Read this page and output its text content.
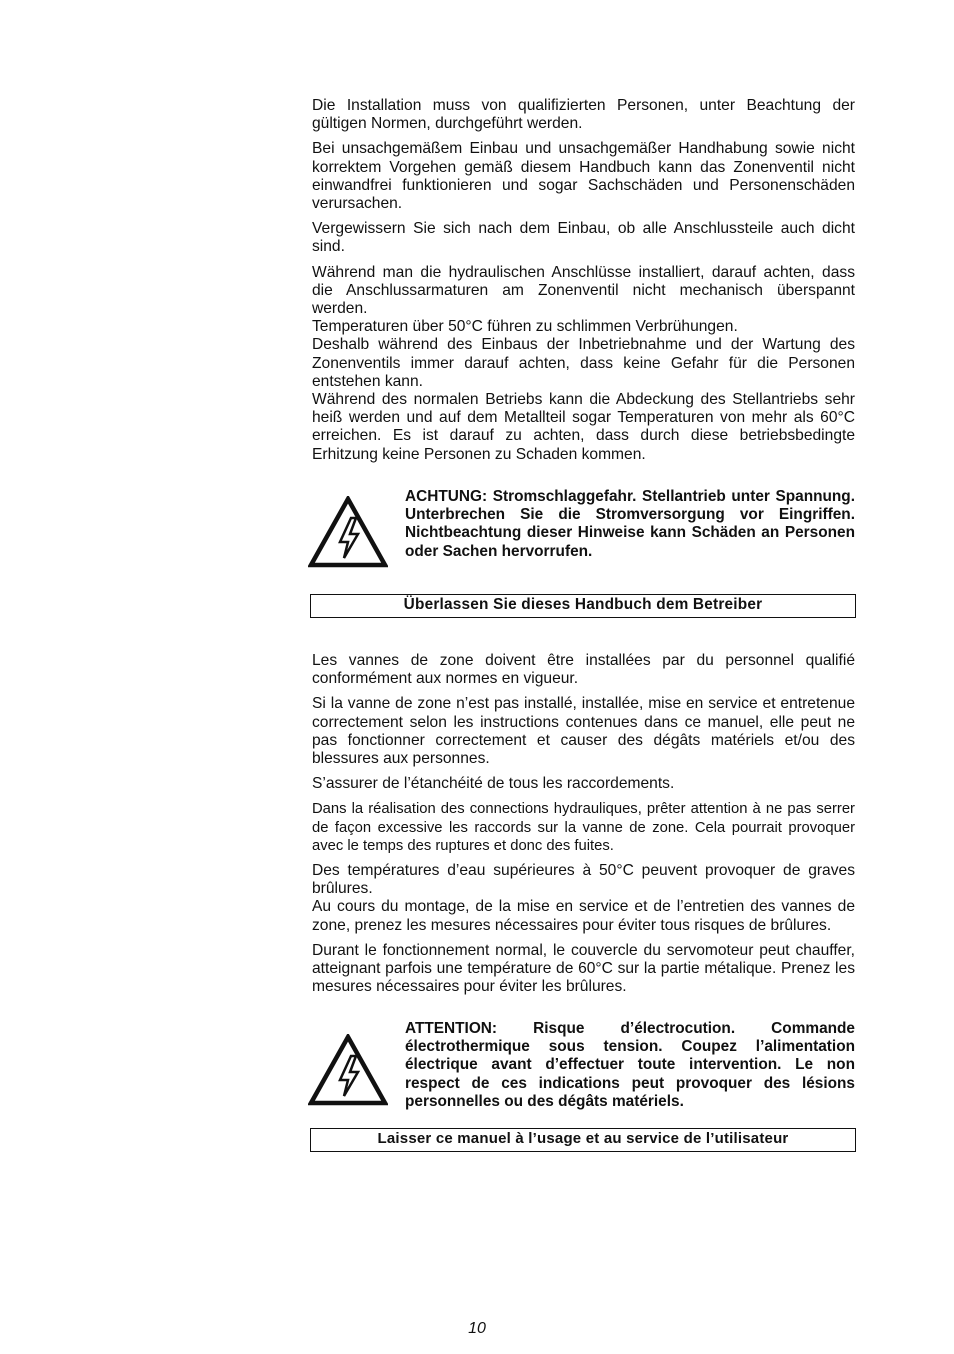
Die Installation muss von qualifizierten Personen, unter Beachtung der gültigen Normen, durchgeführt werden.

Bei unsachgemäßem Einbau und unsachgemäßer Handhabung sowie nicht korrektem Vorgehen gemäß diesem Handbuch kann das Zonenventil nicht einwandfrei funktionieren und sogar Sachschäden und Personenschäden verursachen.

Vergewissern Sie sich nach dem Einbau, ob alle Anschlussteile auch dicht sind.

Während man die hydraulischen Anschlüsse installiert, darauf achten, dass die Anschlussarmaturen am Zonenventil nicht mechanisch überspannt werden.

Temperaturen über 50°C führen zu schlimmen Verbrühungen.

Deshalb während des Einbaus der Inbetriebnahme und der Wartung des Zonenventils immer darauf achten, dass keine Gefahr für die Personen entstehen kann.

Während des normalen Betriebs kann die Abdeckung des Stellantriebs sehr heiß werden und auf dem Metallteil sogar Temperaturen von mehr als 60°C erreichen. Es ist darauf zu achten, dass durch diese betriebsbedingte Erhitzung keine Personen zu Schaden kommen.

ACHTUNG: Stromschlaggefahr. Stellantrieb unter Spannung. Unterbrechen Sie die Stromversorgung vor Eingriffen. Nichtbeachtung dieser Hinweise kann Schäden an Personen oder Sachen hervorrufen.
Überlassen Sie dieses Handbuch dem Betreiber

Les vannes de zone doivent être installées par du personnel qualifié conformément aux normes en vigueur.

Si la vanne de zone n’est pas installé, installée, mise en service et entretenue correctement selon les instructions contenues dans ce manuel, elle peut ne pas fonctionner correctement et causer des dégâts matériels et/ou des blessures aux personnes.

S’assurer de l’étanchéité de tous les raccordements.

Dans la réalisation des connections hydrauliques, prêter attention à ne pas serrer de façon excessive les raccords sur la vanne de zone. Cela pourrait provoquer avec le temps des ruptures et donc des fuites.

Des températures d’eau supérieures à 50°C peuvent provoquer de graves brûlures.

Au cours du montage, de la mise en service et de l’entretien des vannes de zone, prenez les mesures nécessaires pour éviter tous risques de brûlures.

Durant le fonctionnement normal, le couvercle du servomoteur peut chauffer, atteignant parfois une température de 60°C sur la partie métalique. Prenez les mesures nécessaires pour éviter les brûlures.

ATTENTION: Risque d’électrocution. Commande électrothermique sous tension. Coupez l’alimentation électrique avant d’effectuer toute intervention. Le non respect de ces indications peut provoquer des lésions personnelles ou des dégâts matériels.
Laisser ce manuel à l’usage et au service de l’utilisateur
10
